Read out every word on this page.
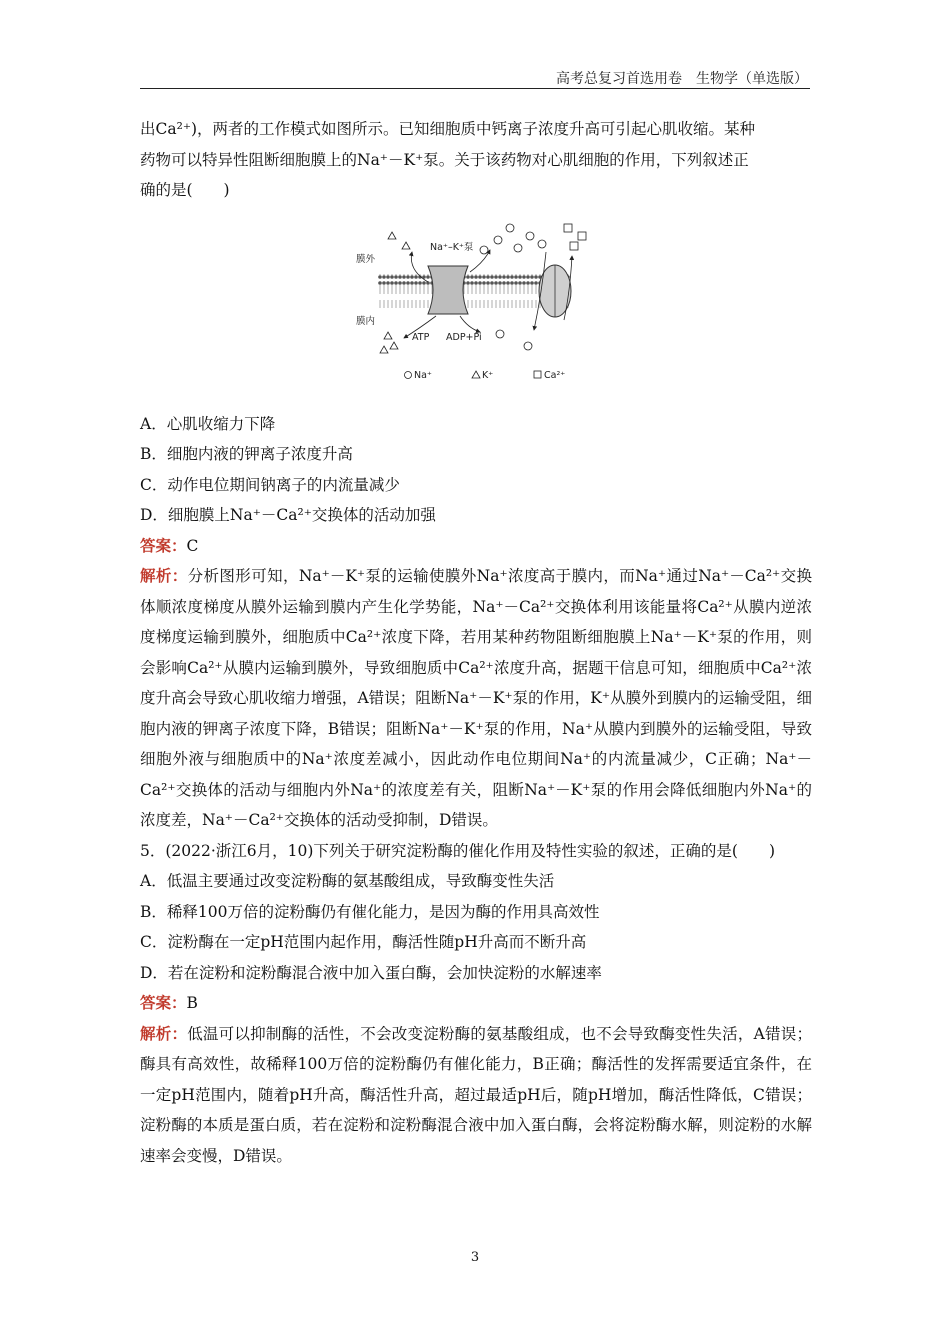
高考总复习首选用卷　生物学（单选版）

出Ca²⁺)，两者的工作模式如图所示。已知细胞质中钙离子浓度升高可引起心肌收缩。某种

药物可以特异性阻断细胞膜上的Na⁺－K⁺泵。关于该药物对心肌细胞的作用，下列叙述正

确的是(　　)

A．心肌收缩力下降

B．细胞内液的钾离子浓度升高

C．动作电位期间钠离子的内流量减少

D．细胞膜上Na⁺－Ca²⁺交换体的活动加强

答案：C

解析：分析图形可知，Na⁺－K⁺泵的运输使膜外Na⁺浓度高于膜内，而Na⁺通过Na⁺－Ca²⁺交换体顺浓度梯度从膜外运输到膜内产生化学势能，Na⁺－Ca²⁺交换体利用该能量将Ca²⁺从膜内逆浓度梯度运输到膜外，细胞质中Ca²⁺浓度下降，若用某种药物阻断细胞膜上Na⁺－K⁺泵的作用，则会影响Ca²⁺从膜内运输到膜外，导致细胞质中Ca²⁺浓度升高，据题干信息可知，细胞质中Ca²⁺浓度升高会导致心肌收缩力增强，A错误；阻断Na⁺－K⁺泵的作用，K⁺从膜外到膜内的运输受阻，细胞内液的钾离子浓度下降，B错误；阻断Na⁺－K⁺泵的作用，Na⁺从膜内到膜外的运输受阻，导致细胞外液与细胞质中的Na⁺浓度差减小，因此动作电位期间Na⁺的内流量减少，C正确；Na⁺－Ca²⁺交换体的活动与细胞内外Na⁺的浓度差有关，阻断Na⁺－K⁺泵的作用会降低细胞内外Na⁺的浓度差，Na⁺－Ca²⁺交换体的活动受抑制，D错误。

5．(2022·浙江6月，10)下列关于研究淀粉酶的催化作用及特性实验的叙述，正确的是(　　)

A．低温主要通过改变淀粉酶的氨基酸组成，导致酶变性失活

B．稀释100万倍的淀粉酶仍有催化能力，是因为酶的作用具高效性

C．淀粉酶在一定pH范围内起作用，酶活性随pH升高而不断升高

D．若在淀粉和淀粉酶混合液中加入蛋白酶，会加快淀粉的水解速率

答案：B

解析：低温可以抑制酶的活性，不会改变淀粉酶的氨基酸组成，也不会导致酶变性失活，A错误；酶具有高效性，故稀释100万倍的淀粉酶仍有催化能力，B正确；酶活性的发挥需要适宜条件，在一定pH范围内，随着pH升高，酶活性升高，超过最适pH后，随pH增加，酶活性降低，C错误；淀粉酶的本质是蛋白质，若在淀粉和淀粉酶混合液中加入蛋白酶，会将淀粉酶水解，则淀粉的水解速率会变慢，D错误。

膜外
膜内
Na⁺–K⁺泵
ATP ADP+Pi
Na⁺	K⁺	Ca²⁺
3
